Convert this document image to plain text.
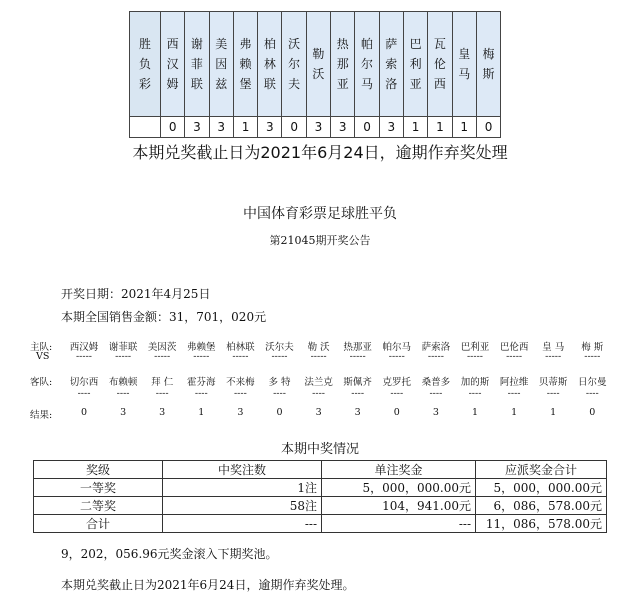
胜负彩	西汉姆	谢菲联	美因兹	弗赖堡	柏林联	沃尔夫	勒沃	热那亚	帕尔马	萨索洛	巴利亚	瓦伦西	皇马	梅斯
	0	3	3	1	3	0	3	3	0	3	1	1	1	0
本期兑奖截止日为2021年6月24日，逾期作弃奖处理
中国体育彩票足球胜平负
第21045期开奖公告
开奖日期：2021年4月25日
本期全国销售金额：31，701，020元
主队:	西汉姆	谢菲联	美因茨	弗赖堡	柏林联	沃尔夫	勒 沃	热那亚	帕尔马	萨索洛	巴利亚	巴伦西	皇 马	梅 斯
VS	-----	-----	-----	-----	-----	-----	-----	-----	-----	-----	-----	-----	-----	-----
客队:	切尔西	布赖顿	拜 仁	霍芬海	不来梅	多 特	法兰克	斯佩齐	克罗托	桑普多	加的斯	阿拉维	贝蒂斯	日尔曼
----	----	----	----	----	----	----	----	----	----	----	----	----	----
结果:	0	3	3	1	3	0	3	3	0	3	1	1	1	0
本期中奖情况
奖级	中奖注数	单注奖金	应派奖金合计
一等奖	1注	5，000，000.00元	5，000，000.00元
二等奖	58注	104，941.00元	6，086，578.00元
合计	---	---	11，086，578.00元
9，202，056.96元奖金滚入下期奖池。
本期兑奖截止日为2021年6月24日，逾期作弃奖处理。
